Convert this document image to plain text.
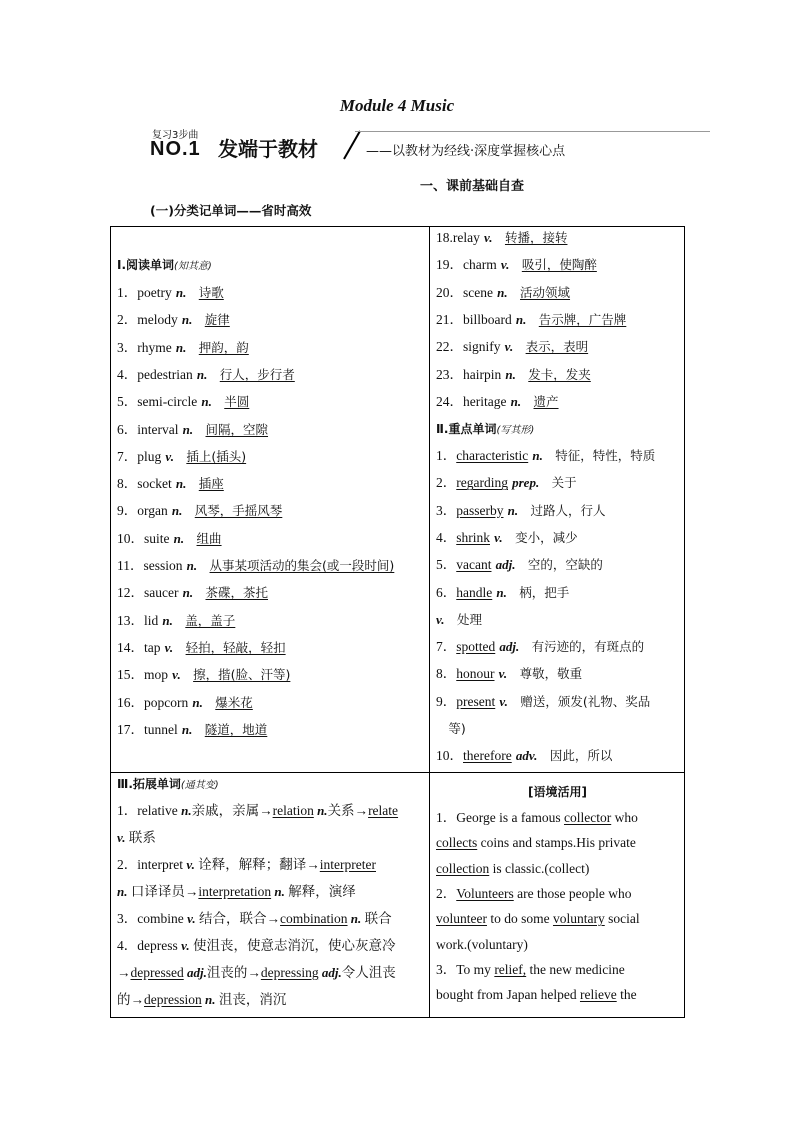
Module 4 Music
复习3步曲
NO.1 发端于教材	——以教材为经线·深度掌握核心点
一、课前基础自查
(一)分类记单词——省时高效
Ⅰ.阅读单词(知其意)
1．poetry n. 诗歌
2．melody n. 旋律
3．rhyme n. 押韵，韵
4．pedestrian n. 行人，步行者
5．semi-circle n. 半圆
6．interval n. 间隔，空隙
7．plug v. 插上(插头)
8．socket n. 插座
9．organ n. 风琴，手摇风琴
10．suite n. 组曲
11．session n. 从事某项活动的集会(或一段时间)
12．saucer n. 茶碟，茶托
13．lid n. 盖，盖子
14．tap v. 轻拍，轻敲，轻扣
15．mop v. 擦，揩(脸、汗等)
16．popcorn n. 爆米花
17．tunnel n. 隧道，地道
18.relay v. 转播，接转
19．charm v. 吸引，使陶醉
20．scene n. 活动领域
21．billboard n. 告示牌，广告牌
22．signify v. 表示，表明
23．hairpin n. 发卡，发夹
24．heritage n. 遗产
Ⅱ.重点单词(写其形)
1．characteristic n. 特征，特性，特质
2．regarding prep. 关于
3．passerby n. 过路人，行人
4．shrink v. 变小，减少
5．vacant adj. 空的，空缺的
6．handle n. 柄，把手
v. 处理
7．spotted adj. 有污迹的，有斑点的
8．honour v. 尊敬，敬重
9．present v. 赠送，颁发(礼物、奖品
等)
10．therefore adv. 因此，所以
Ⅲ.拓展单词(通其变)
1．relative n.亲戚，亲属→relation n.关系→relate
v. 联系
2．interpret v. 诠释，解释；翻译→interpreter
n. 口译译员→interpretation n. 解释，演绎
3．combine v. 结合，联合→combination n. 联合
4．depress v. 使沮丧，使意志消沉，使心灰意冷
→depressed adj.沮丧的→depressing adj.令人沮丧
的→depression n. 沮丧，消沉
[语境活用]
1．George is a famous collector who
collects coins and stamps.His private
collection is classic.(collect)
2．Volunteers are those people who
volunteer to do some voluntary social
work.(voluntary)
3．To my relief, the new medicine
bought from Japan helped relieve the
